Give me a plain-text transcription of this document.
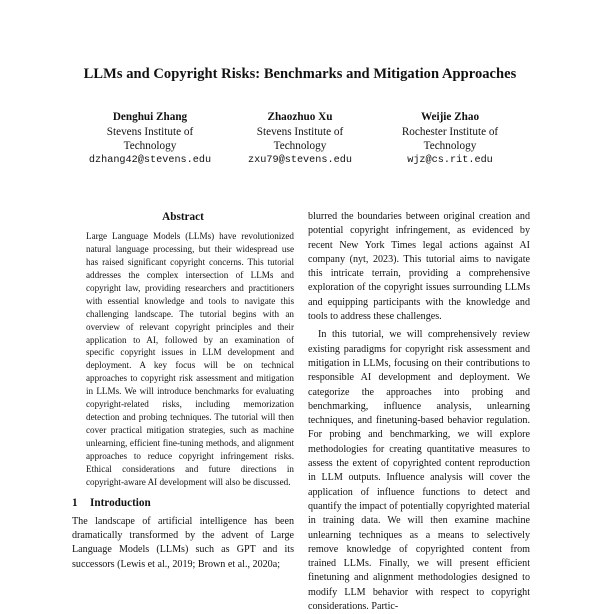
LLMs and Copyright Risks: Benchmarks and Mitigation Approaches
Denghui Zhang
Stevens Institute of
Technology
dzhang42@stevens.edu
Zhaozhuo Xu
Stevens Institute of
Technology
zxu79@stevens.edu
Weijie Zhao
Rochester Institute of
Technology
wjz@cs.rit.edu
Abstract
Large Language Models (LLMs) have revolutionized natural language processing, but their widespread use has raised significant copyright concerns. This tutorial addresses the complex intersection of LLMs and copyright law, providing researchers and practitioners with essential knowledge and tools to navigate this challenging landscape. The tutorial begins with an overview of relevant copyright principles and their application to AI, followed by an examination of specific copyright issues in LLM development and deployment. A key focus will be on technical approaches to copyright risk assessment and mitigation in LLMs. We will introduce benchmarks for evaluating copyright-related risks, including memorization detection and probing techniques. The tutorial will then cover practical mitigation strategies, such as machine unlearning, efficient fine-tuning methods, and alignment approaches to reduce copyright infringement risks. Ethical considerations and future directions in copyright-aware AI development will also be discussed.
1 Introduction

The landscape of artificial intelligence has been dramatically transformed by the advent of Large Language Models (LLMs) such as GPT and its successors (Lewis et al., 2019; Brown et al., 2020a;

blurred the boundaries between original creation and potential copyright infringement, as evidenced by recent New York Times legal actions against AI company (nyt, 2023). This tutorial aims to navigate this intricate terrain, providing a comprehensive exploration of the copyright issues surrounding LLMs and equipping participants with the knowledge and tools to address these challenges.

In this tutorial, we will comprehensively review existing paradigms for copyright risk assessment and mitigation in LLMs, focusing on their contributions to responsible AI development and deployment. We categorize the approaches into probing and benchmarking, influence analysis, unlearning techniques, and finetuning-based behavior regulation. For probing and benchmarking, we will explore methodologies for creating quantitative measures to assess the extent of copyrighted content reproduction in LLM outputs. Influence analysis will cover the application of influence functions to detect and quantify the impact of potentially copyrighted material in training data. We will then examine machine unlearning techniques as a means to selectively remove knowledge of copyrighted content from trained LLMs. Finally, we will present efficient finetuning and alignment methodologies designed to modify LLM behavior with respect to copyright considerations. Partic-
